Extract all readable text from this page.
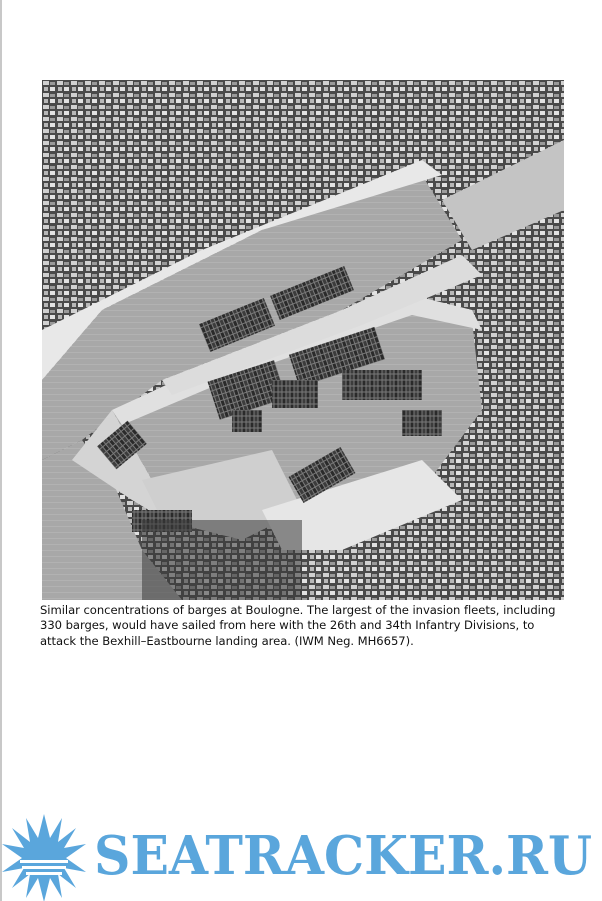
Similar concentrations of barges at Boulogne. The largest of the invasion fleets, including 330 barges, would have sailed from here with the 26th and 34th Infantry Divisions, to attack the Bexhill–Eastbourne landing area. (IWM Neg. MH6657).
SEATRACKER.RU
